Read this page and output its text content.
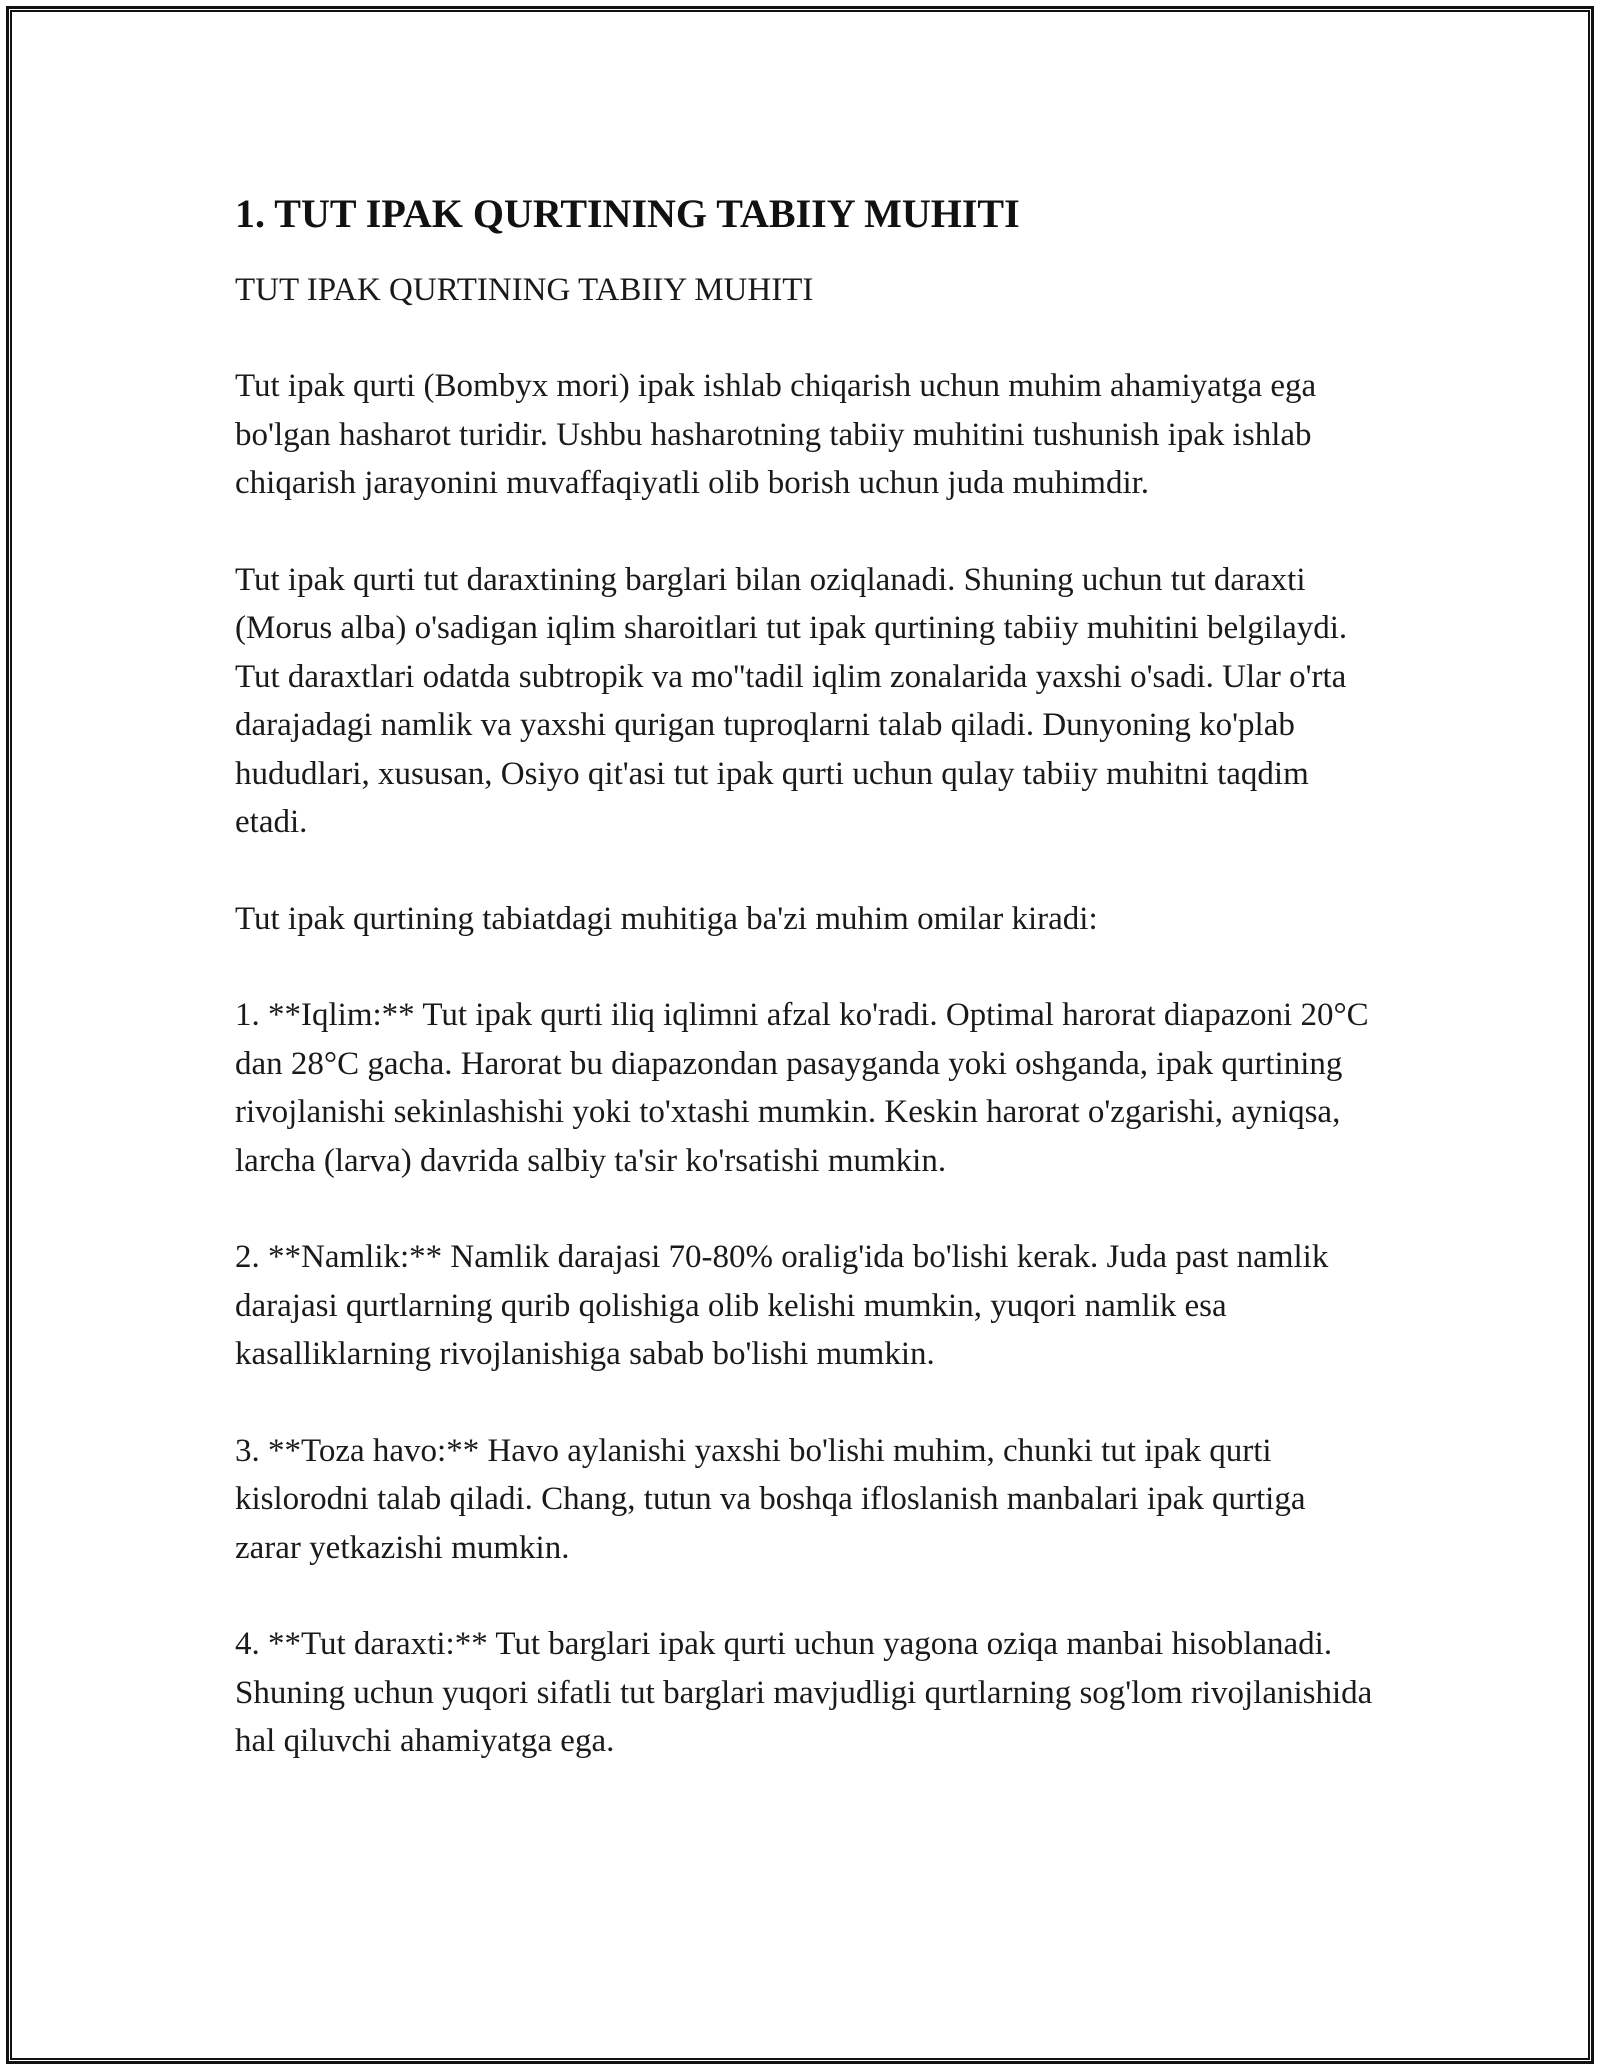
1. TUT IPAK QURTINING TABIIY MUHITI

TUT IPAK QURTINING TABIIY MUHITI

Tut ipak qurti (Bombyx mori) ipak ishlab chiqarish uchun muhim ahamiyatga ega bo'lgan hasharot turidir. Ushbu hasharotning tabiiy muhitini tushunish ipak ishlab chiqarish jarayonini muvaffaqiyatli olib borish uchun juda muhimdir.

Tut ipak qurti tut daraxtining barglari bilan oziqlanadi. Shuning uchun tut daraxti (Morus alba) o'sadigan iqlim sharoitlari tut ipak qurtining tabiiy muhitini belgilaydi. Tut daraxtlari odatda subtropik va mo''tadil iqlim zonalarida yaxshi o'sadi. Ular o'rta darajadagi namlik va yaxshi qurigan tuproqlarni talab qiladi. Dunyoning ko'plab hududlari, xususan, Osiyo qit'asi tut ipak qurti uchun qulay tabiiy muhitni taqdim etadi.

Tut ipak qurtining tabiatdagi muhitiga ba'zi muhim omilar kiradi:

1. **Iqlim:** Tut ipak qurti iliq iqlimni afzal ko'radi. Optimal harorat diapazoni 20°C dan 28°C gacha. Harorat bu diapazondan pasayganda yoki oshganda, ipak qurtining rivojlanishi sekinlashishi yoki to'xtashi mumkin. Keskin harorat o'zgarishi, ayniqsa, larcha (larva) davrida salbiy ta'sir ko'rsatishi mumkin.

2. **Namlik:** Namlik darajasi 70-80% oralig'ida bo'lishi kerak. Juda past namlik darajasi qurtlarning qurib qolishiga olib kelishi mumkin, yuqori namlik esa kasalliklarning rivojlanishiga sabab bo'lishi mumkin.

3. **Toza havo:** Havo aylanishi yaxshi bo'lishi muhim, chunki tut ipak qurti kislorodni talab qiladi. Chang, tutun va boshqa ifloslanish manbalari ipak qurtiga zarar yetkazishi mumkin.

4. **Tut daraxti:** Tut barglari ipak qurti uchun yagona oziqa manbai hisoblanadi. Shuning uchun yuqori sifatli tut barglari mavjudligi qurtlarning sog'lom rivojlanishida hal qiluvchi ahamiyatga ega.
